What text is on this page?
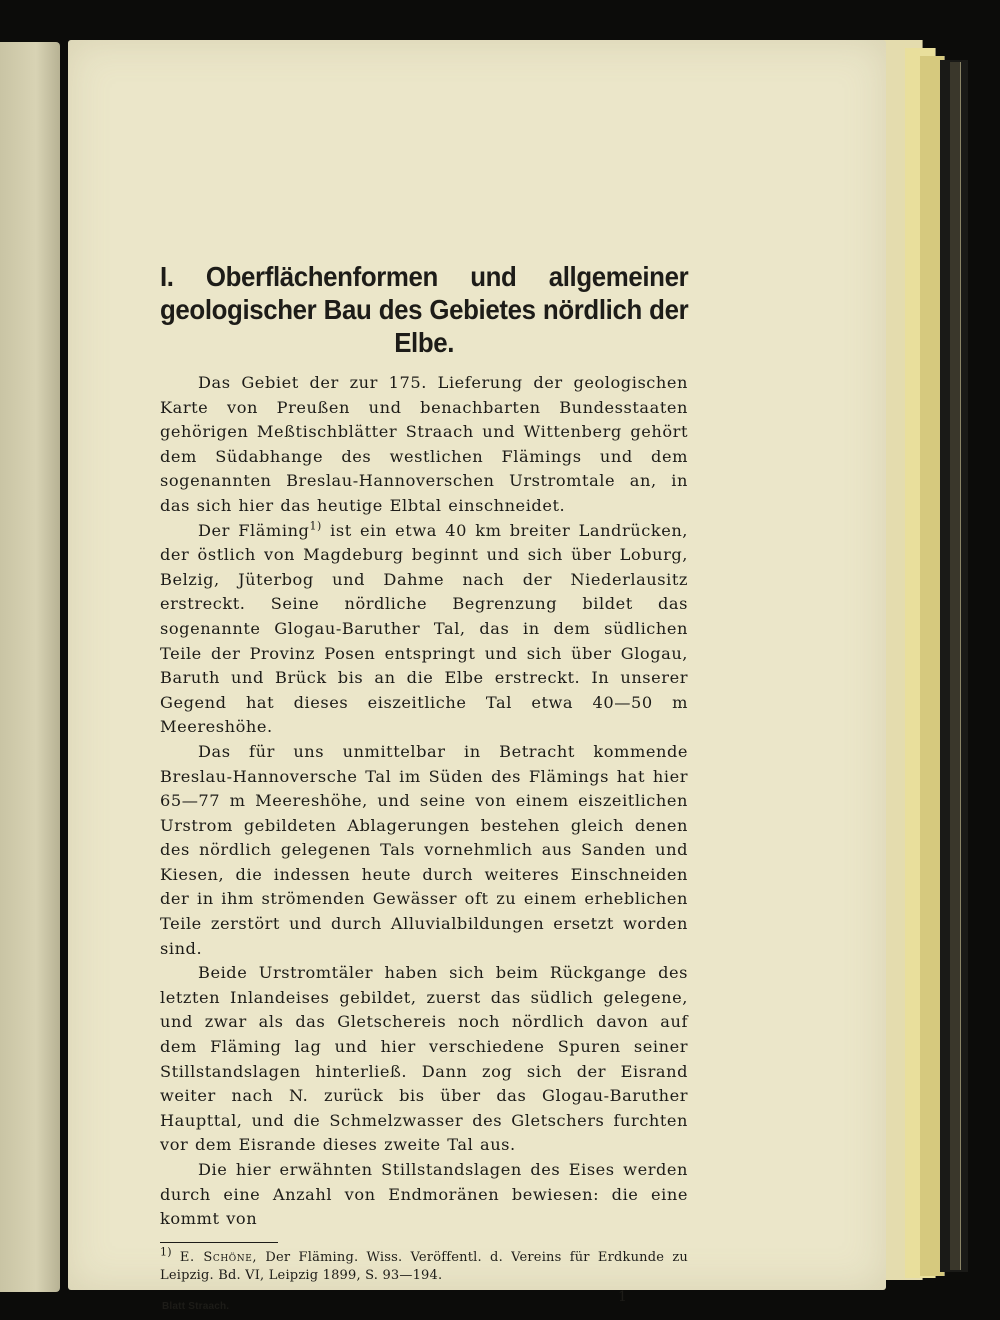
I. Oberflächenformen und allgemeiner geologischer Bau des Gebietes nördlich der Elbe.

Das Gebiet der zur 175. Lieferung der geologischen Karte von Preußen und benachbarten Bundesstaaten gehörigen Meßtischblätter Straach und Wittenberg gehört dem Südabhange des westlichen Flämings und dem sogenannten Breslau-Hannoverschen Urstromtale an, in das sich hier das heutige Elbtal einschneidet.

Der Fläming$^{1)}$ ist ein etwa 40 km breiter Landrücken, der östlich von Magdeburg beginnt und sich über Loburg, Belzig, Jüterbog und Dahme nach der Niederlausitz erstreckt. Seine nördliche Begrenzung bildet das sogenannte Glogau-Baruther Tal, das in dem südlichen Teile der Provinz Posen entspringt und sich über Glogau, Baruth und Brück bis an die Elbe erstreckt. In unserer Gegend hat dieses eiszeitliche Tal etwa 40—50 m Meereshöhe.

Das für uns unmittelbar in Betracht kommende Breslau-Hannoversche Tal im Süden des Flämings hat hier 65—77 m Meereshöhe, und seine von einem eiszeitlichen Urstrom gebildeten Ablagerungen bestehen gleich denen des nördlich gelegenen Tals vornehmlich aus Sanden und Kiesen, die indessen heute durch weiteres Einschneiden der in ihm strömenden Gewässer oft zu einem erheblichen Teile zerstört und durch Alluvialbildungen ersetzt worden sind.

Beide Urstromtäler haben sich beim Rückgange des letzten Inlandeises gebildet, zuerst das südlich gelegene, und zwar als das Gletschereis noch nördlich davon auf dem Fläming lag und hier verschiedene Spuren seiner Stillstandslagen hinterließ. Dann zog sich der Eisrand weiter nach N. zurück bis über das Glogau-Baruther Haupttal, und die Schmelzwasser des Gletschers furchten vor dem Eisrande dieses zweite Tal aus.

Die hier erwähnten Stillstandslagen des Eises werden durch eine Anzahl von Endmoränen bewiesen: die eine kommt von

$^{1)}$ E. Schöne, Der Fläming. Wiss. Veröffentl. d. Vereins für Erdkunde zu Leipzig. Bd. VI, Leipzig 1899, S. 93—194.

Blatt Straach.
1
